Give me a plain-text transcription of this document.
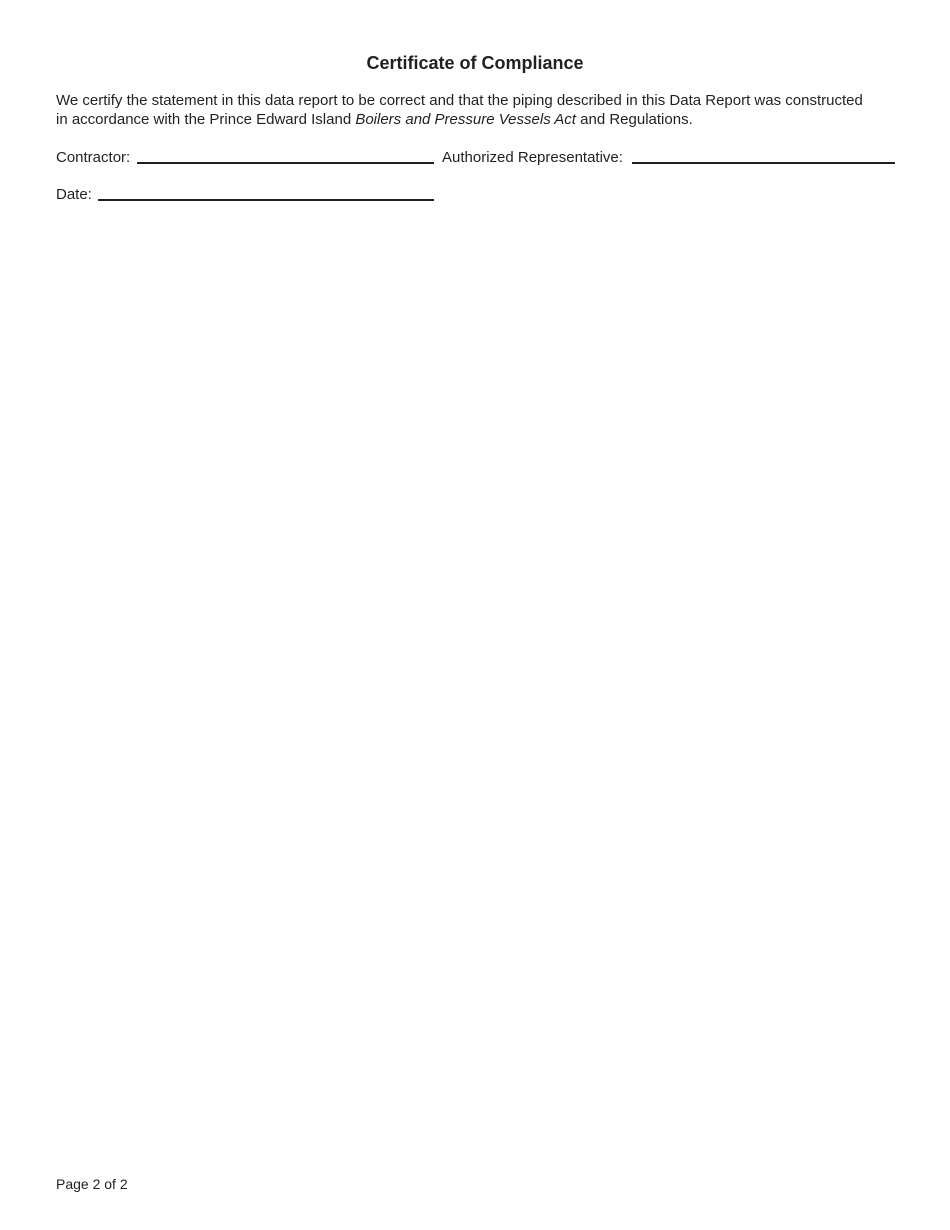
Certificate of Compliance

We certify the statement in this data report to be correct and that the piping described in this Data Report was constructed

in accordance with the Prince Edward Island Boilers and Pressure Vessels Act and Regulations.

Contractor:	Authorized Representative:
Date:
Page 2 of 2
